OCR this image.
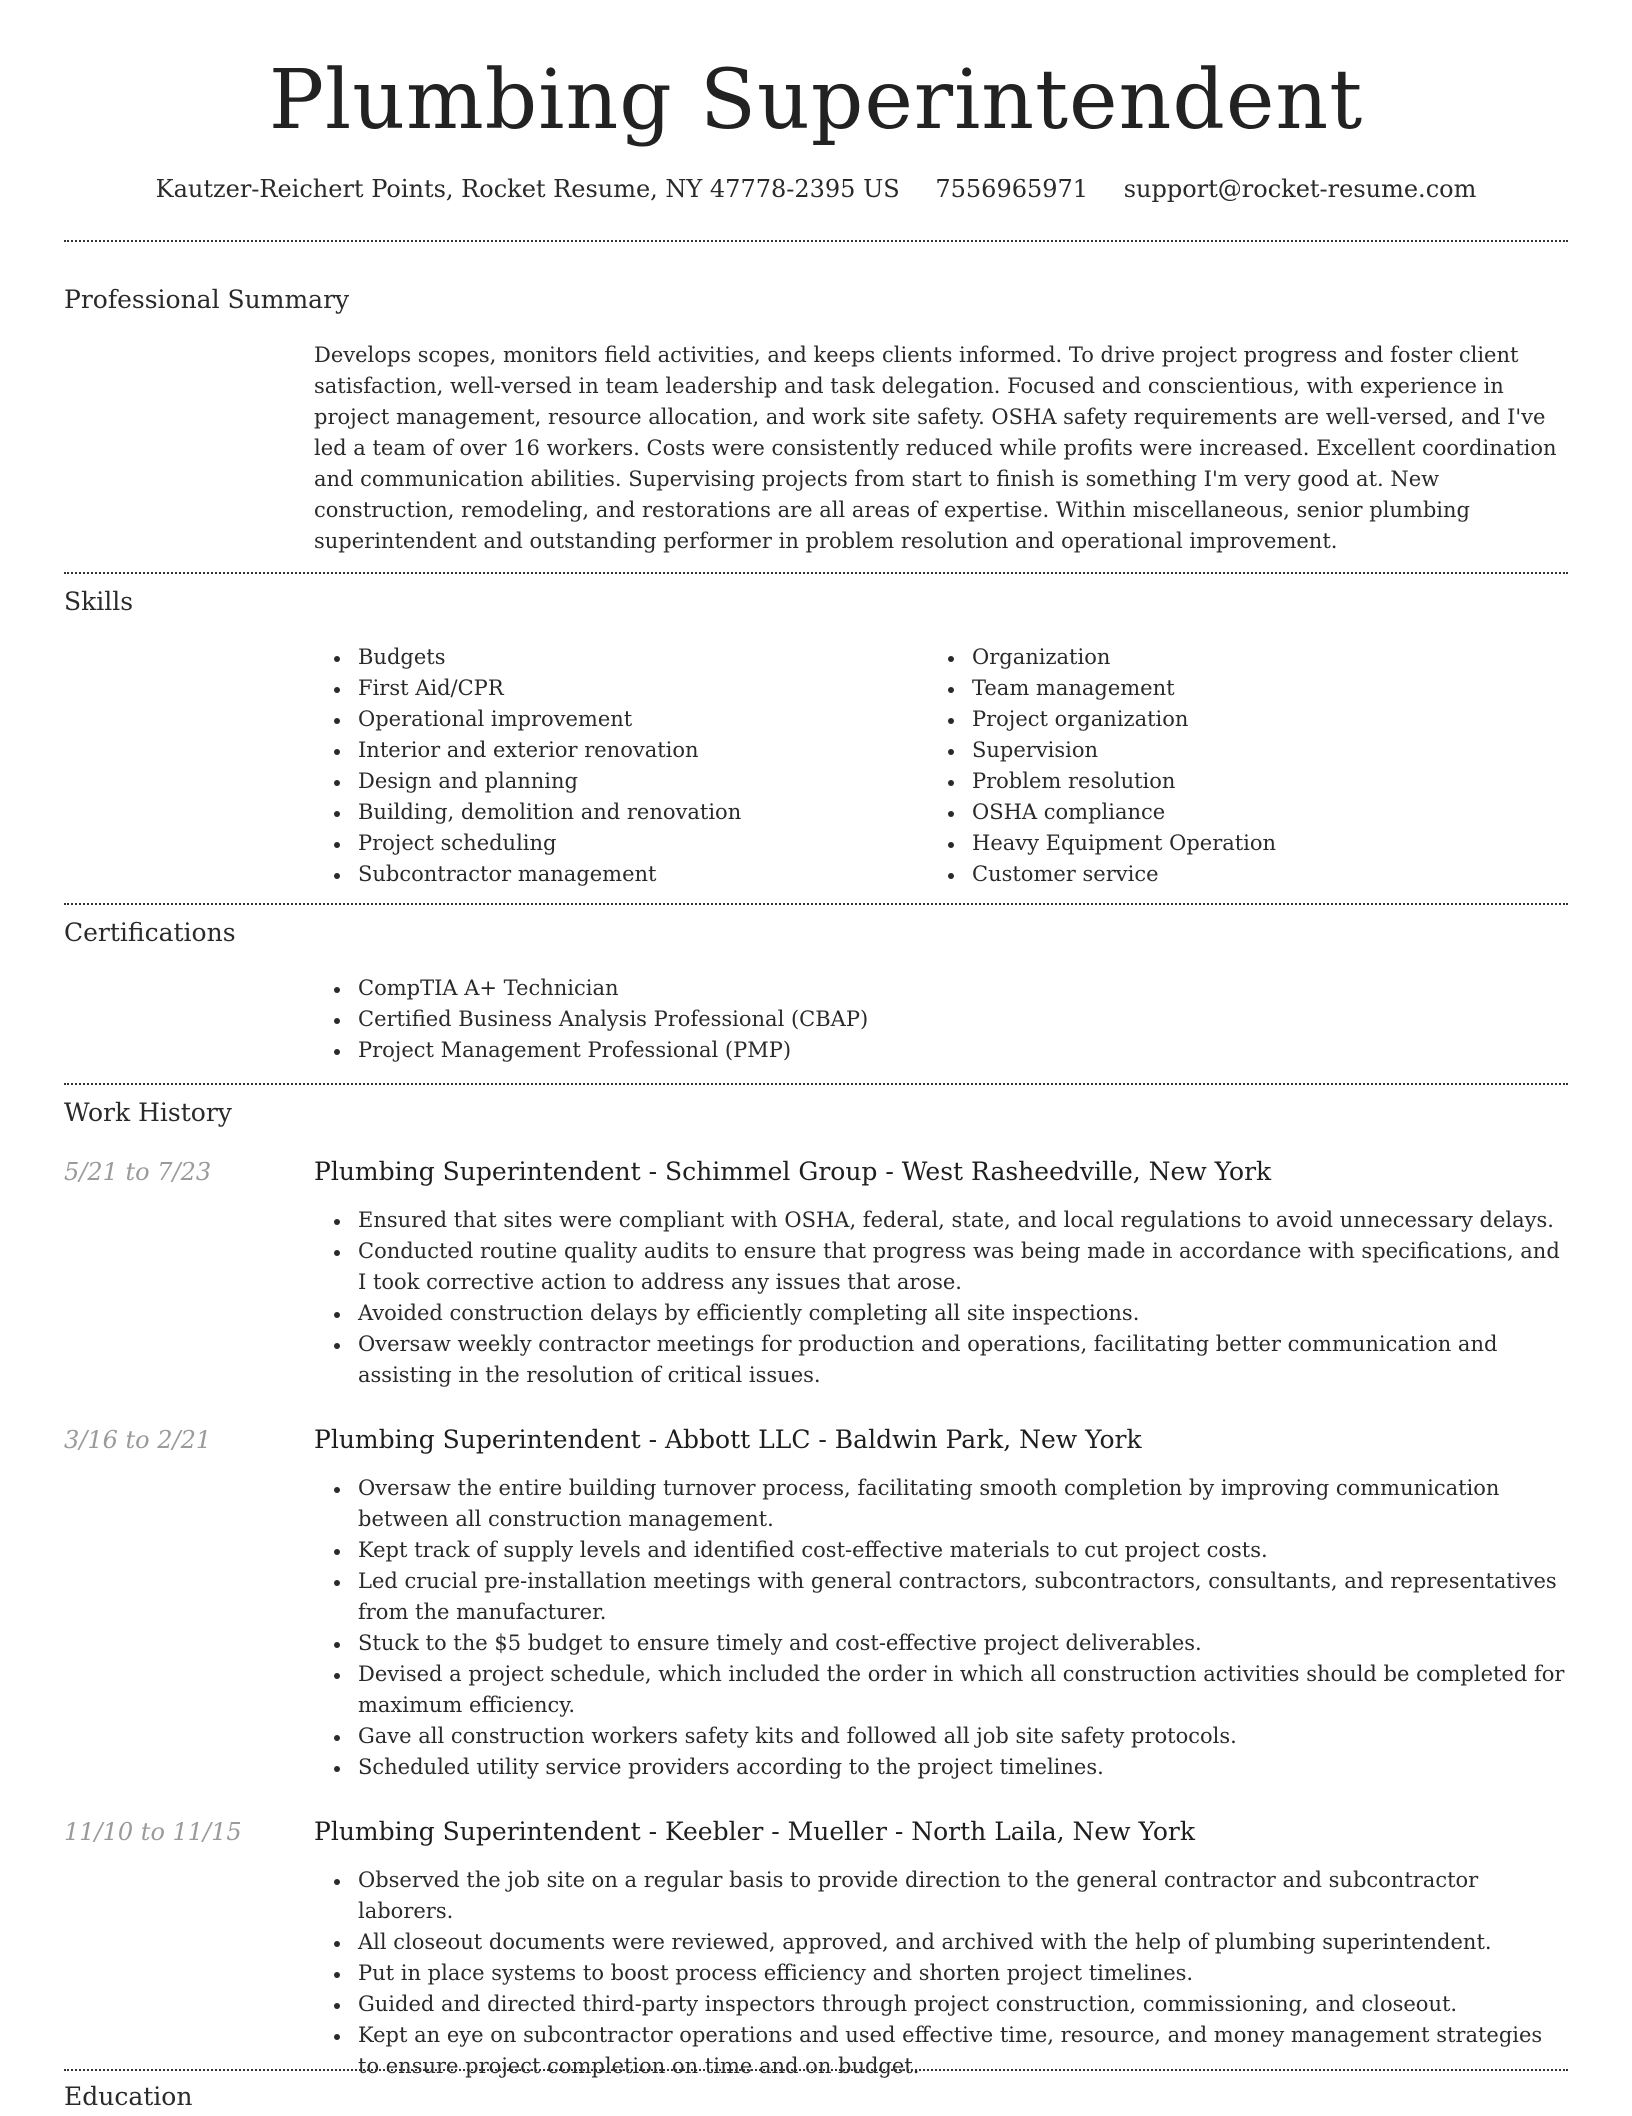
Plumbing Superintendent
Kautzer-Reichert Points, Rocket Resume, NY 47778-2395 US 7556965971 support@rocket-resume.com
Professional Summary

Develops scopes, monitors field activities, and keeps clients informed. To drive project progress and foster client satisfaction, well-versed in team leadership and task delegation. Focused and conscientious, with experience in project management, resource allocation, and work site safety. OSHA safety requirements are well-versed, and I've led a team of over 16 workers. Costs were consistently reduced while profits were increased. Excellent coordination and communication abilities. Supervising projects from start to finish is something I'm very good at. New construction, remodeling, and restorations are all areas of expertise. Within miscellaneous, senior plumbing superintendent and outstanding performer in problem resolution and operational improvement.

Skills
Budgets
First Aid/CPR
Operational improvement
Interior and exterior renovation
Design and planning
Building, demolition and renovation
Project scheduling
Subcontractor management
Organization
Team management
Project organization
Supervision
Problem resolution
OSHA compliance
Heavy Equipment Operation
Customer service
Certifications
CompTIA A+ Technician
Certified Business Analysis Professional (CBAP)
Project Management Professional (PMP)
Work History
5/21 to 7/23	Plumbing Superintendent - Schimmel Group - West Rasheedville, New York
Ensured that sites were compliant with OSHA, federal, state, and local regulations to avoid unnecessary delays.
Conducted routine quality audits to ensure that progress was being made in accordance with specifications, and I took corrective action to address any issues that arose.
Avoided construction delays by efficiently completing all site inspections.
Oversaw weekly contractor meetings for production and operations, facilitating better communication and assisting in the resolution of critical issues.
3/16 to 2/21	Plumbing Superintendent - Abbott LLC - Baldwin Park, New York
Oversaw the entire building turnover process, facilitating smooth completion by improving communication between all construction management.
Kept track of supply levels and identified cost-effective materials to cut project costs.
Led crucial pre-installation meetings with general contractors, subcontractors, consultants, and representatives from the manufacturer.
Stuck to the $5 budget to ensure timely and cost-effective project deliverables.
Devised a project schedule, which included the order in which all construction activities should be completed for maximum efficiency.
Gave all construction workers safety kits and followed all job site safety protocols.
Scheduled utility service providers according to the project timelines.
11/10 to 11/15	Plumbing Superintendent - Keebler - Mueller - North Laila, New York
Observed the job site on a regular basis to provide direction to the general contractor and subcontractor laborers.
All closeout documents were reviewed, approved, and archived with the help of plumbing superintendent.
Put in place systems to boost process efficiency and shorten project timelines.
Guided and directed third-party inspectors through project construction, commissioning, and closeout.
Kept an eye on subcontractor operations and used effective time, resource, and money management strategies to ensure project completion on time and on budget.
Education
